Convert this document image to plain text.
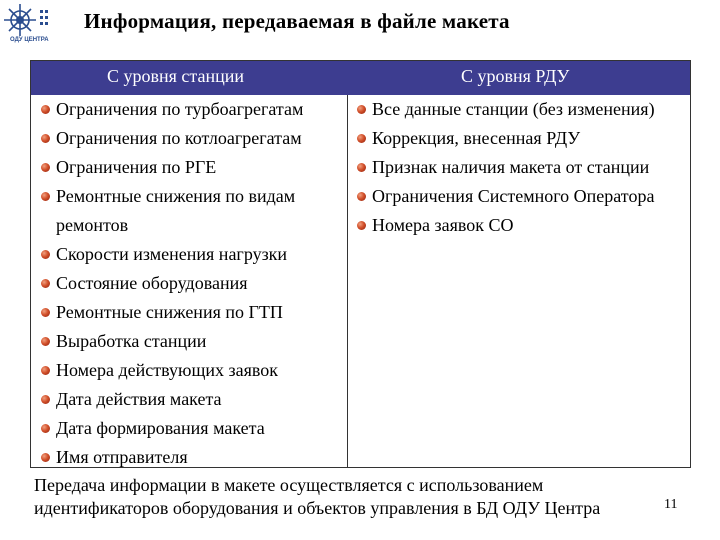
ОДУ ЦЕНТРА
Информация, передаваемая в файле макета
С уровня станции	С уровня РДУ
Ограничения по турбоагрегатам
Ограничения по котлоагрегатам
Ограничения по РГЕ
Ремонтные снижения по видам
ремонтов
Скорости изменения нагрузки
Состояние оборудования
Ремонтные снижения по ГТП
Выработка станции
Номера действующих заявок
Дата действия макета
Дата формирования макета
Имя отправителя
Все данные станции (без изменения)
Коррекция, внесенная РДУ
Признак наличия макета от станции
Ограничения Системного Оператора
Номера заявок СО
Передача информации в макете осуществляется с использованием
идентификаторов оборудования и объектов управления в БД ОДУ Центра	11
